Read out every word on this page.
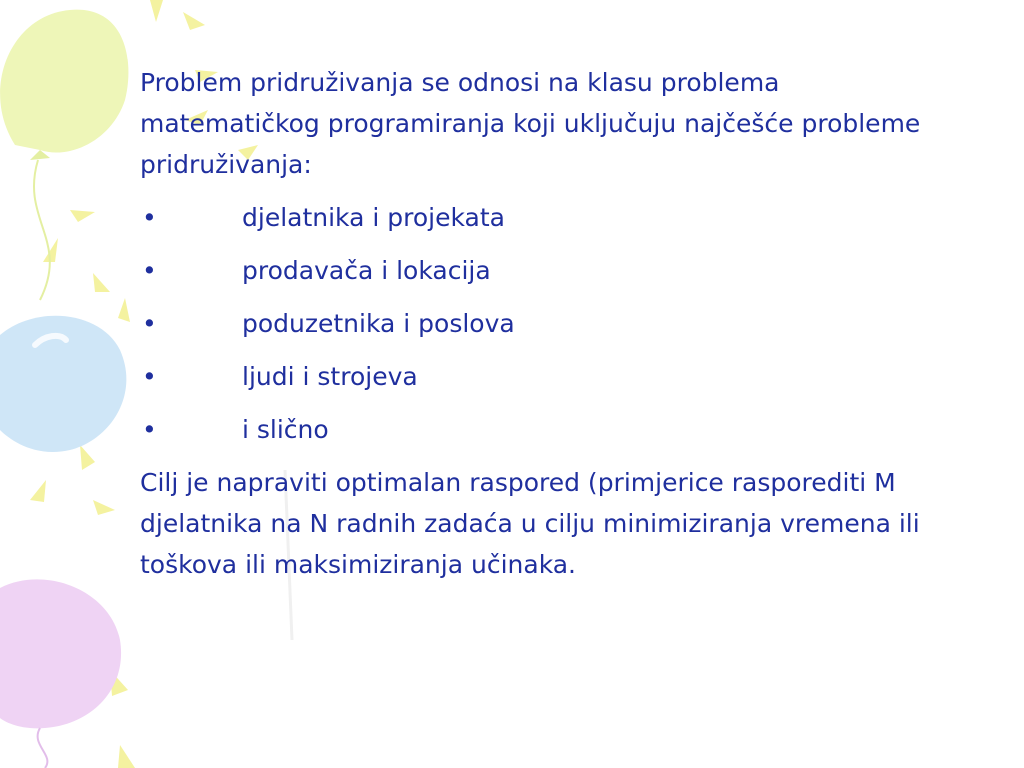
Problem pridruživanja se odnosi na klasu problema matematičkog programiranja koji uključuju najčešće probleme pridruživanja:

•	djelatnika i projekata
•	prodavača i lokacija
•	poduzetnika i poslova
•	ljudi i strojeva
•	i slično

Cilj je napraviti optimalan raspored (primjerice rasporediti M djelatnika na N radnih zadaća u cilju minimiziranja vremena ili toškova ili maksimiziranja učinaka.
